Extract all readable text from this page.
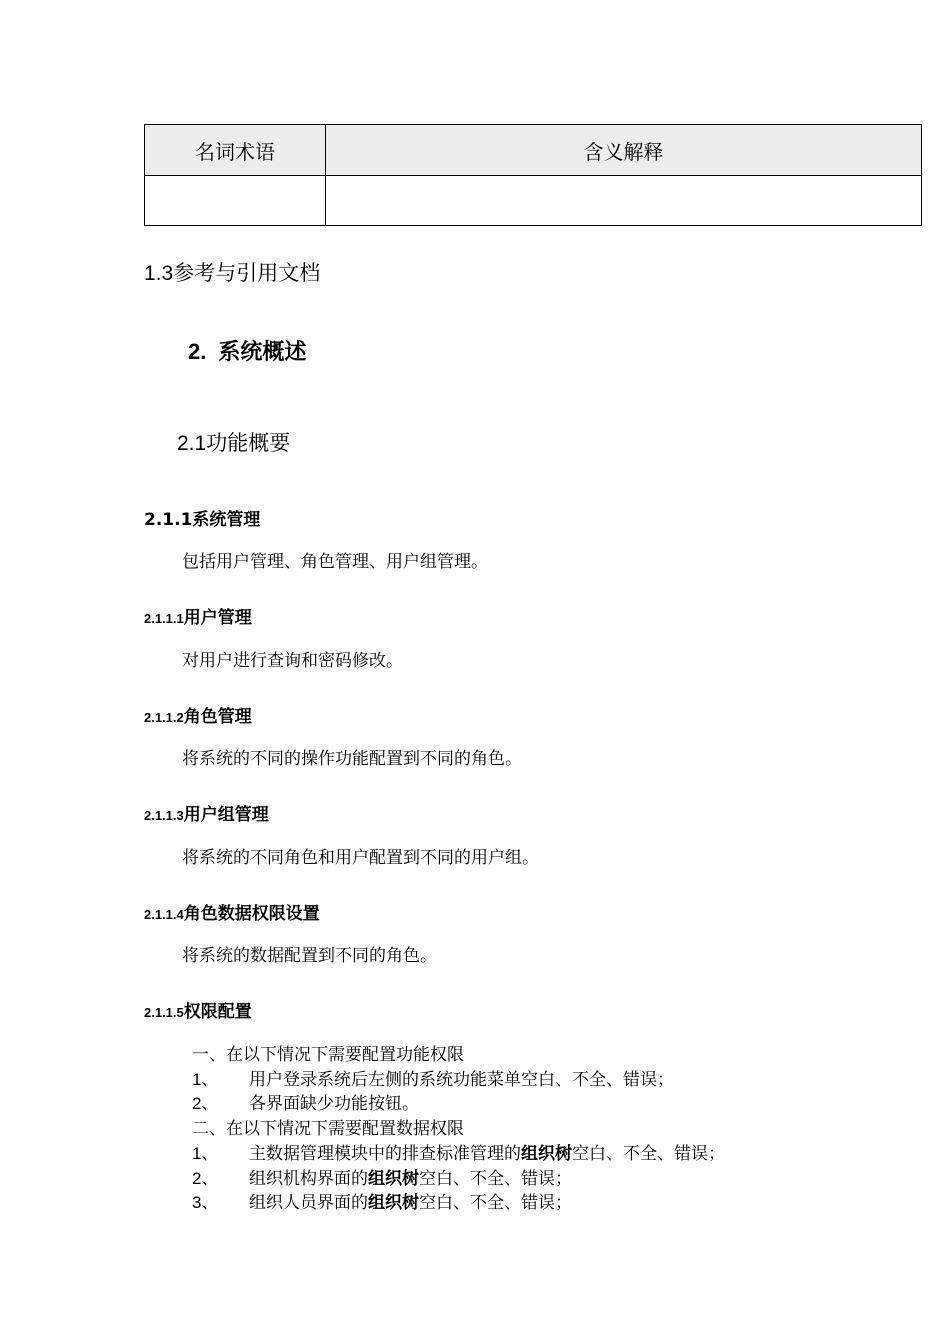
名词术语	含义解释

1.3参考与引用文档
2. 系统概述
2.1功能概要
2.1.1系统管理
包括用户管理、角色管理、用户组管理。
2.1.1.1用户管理
对用户进行查询和密码修改。
2.1.1.2角色管理
将系统的不同的操作功能配置到不同的角色。
2.1.1.3用户组管理
将系统的不同角色和用户配置到不同的用户组。
2.1.1.4角色数据权限设置
将系统的数据配置到不同的角色。
2.1.1.5权限配置
一、在以下情况下需要配置功能权限
1、 用户登录系统后左侧的系统功能菜单空白、不全、错误；
2、 各界面缺少功能按钮。
二、在以下情况下需要配置数据权限
1、 主数据管理模块中的排查标准管理的组织树空白、不全、错误；
2、 组织机构界面的组织树空白、不全、错误；
3、 组织人员界面的组织树空白、不全、错误；
